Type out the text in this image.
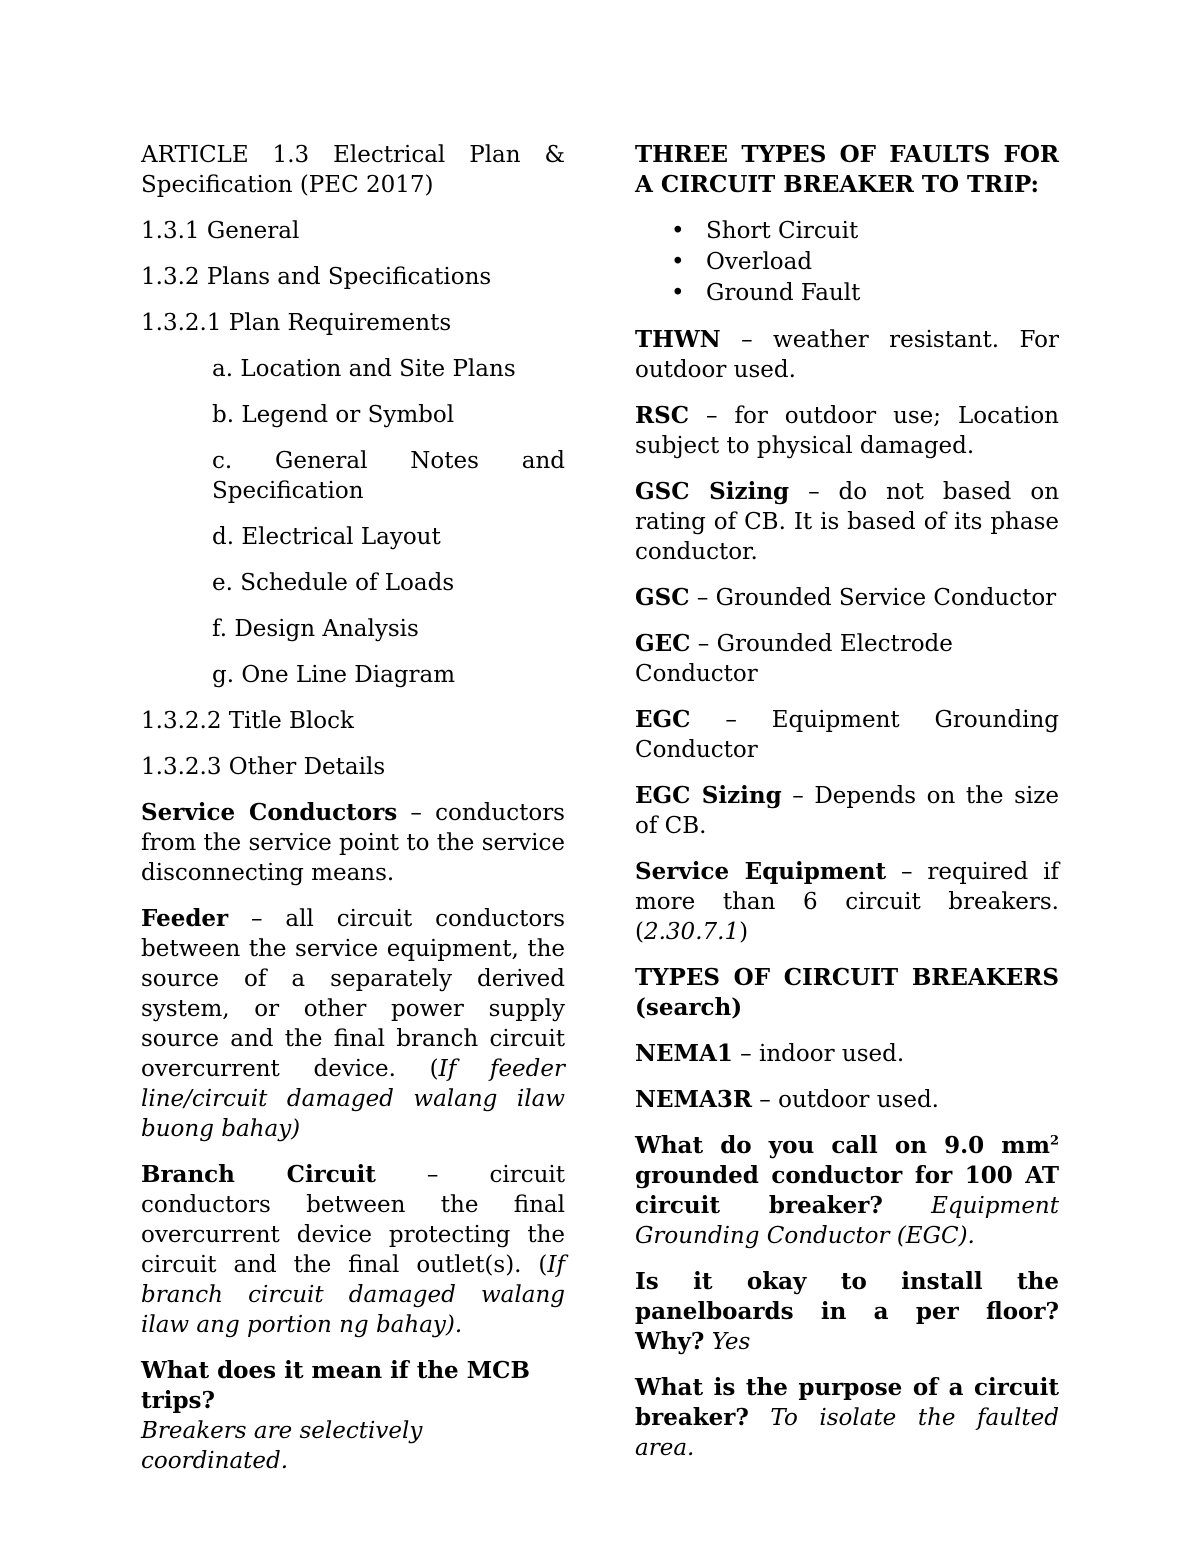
ARTICLE 1.3 Electrical Plan & Specification (PEC 2017)

1.3.1 General

1.3.2 Plans and Specifications

1.3.2.1 Plan Requirements

a. Location and Site Plans

b. Legend or Symbol

c. General Notes and Specification

d. Electrical Layout

e. Schedule of Loads

f. Design Analysis

g. One Line Diagram

1.3.2.2 Title Block

1.3.2.3 Other Details

Service Conductors – conductors from the service point to the service disconnecting means.

Feeder – all circuit conductors between the service equipment, the source of a separately derived system, or other power supply source and the final branch circuit overcurrent device. (If feeder line/circuit damaged walang ilaw buong bahay)

Branch Circuit – circuit conductors between the final overcurrent device protecting the circuit and the final outlet(s). (If branch circuit damaged walang ilaw ang portion ng bahay).

What does it mean if the MCB trips?
Breakers are selectively coordinated.

THREE TYPES OF FAULTS FOR A CIRCUIT BREAKER TO TRIP:

• Short Circuit
• Overload
• Ground Fault

THWN – weather resistant. For outdoor used.

RSC – for outdoor use; Location subject to physical damaged.

GSC Sizing – do not based on rating of CB. It is based of its phase conductor.

GSC – Grounded Service Conductor

GEC – Grounded Electrode Conductor

EGC – Equipment Grounding Conductor

EGC Sizing – Depends on the size of CB.

Service Equipment – required if more than 6 circuit breakers. (2.30.7.1)

TYPES OF CIRCUIT BREAKERS (search)

NEMA1 – indoor used.

NEMA3R – outdoor used.

What do you call on 9.0 $mm^2$ grounded conductor for 100 AT circuit breaker? Equipment Grounding Conductor (EGC).

Is it okay to install the panelboards in a per floor? Why? Yes

What is the purpose of a circuit breaker? To isolate the faulted area.
